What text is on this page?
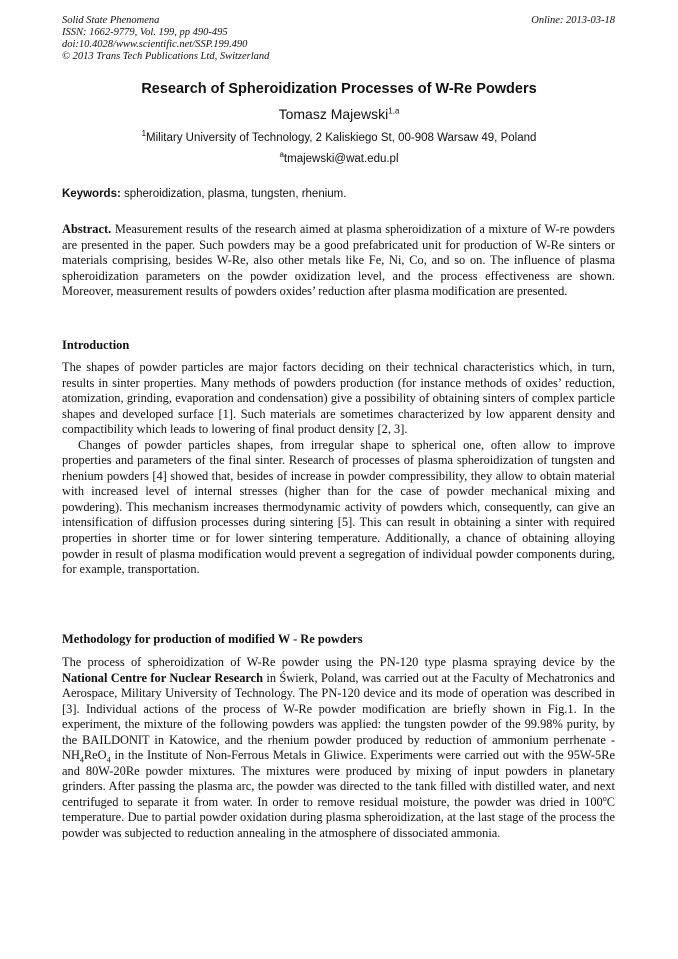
Solid State Phenomena
ISSN: 1662-9779, Vol. 199, pp 490-495
doi:10.4028/www.scientific.net/SSP.199.490
© 2013 Trans Tech Publications Ltd, Switzerland
Online: 2013-03-18
Research of Spheroidization Processes of W-Re Powders
Tomasz Majewski$^{1,a}$
$^1$Military University of Technology, 2 Kaliskiego St, 00-908 Warsaw 49, Poland
$^a$tmajewski@wat.edu.pl
Keywords: spheroidization, plasma, tungsten, rhenium.

Abstract. Measurement results of the research aimed at plasma spheroidization of a mixture of W-re powders are presented in the paper. Such powders may be a good prefabricated unit for production of W-Re sinters or materials comprising, besides W-Re, also other metals like Fe, Ni, Co, and so on. The influence of plasma spheroidization parameters on the powder oxidization level, and the process effectiveness are shown. Moreover, measurement results of powders oxides’ reduction after plasma modification are presented.

Introduction

The shapes of powder particles are major factors deciding on their technical characteristics which, in turn, results in sinter properties. Many methods of powders production (for instance methods of oxides’ reduction, atomization, grinding, evaporation and condensation) give a possibility of obtaining sinters of complex particle shapes and developed surface [1]. Such materials are sometimes characterized by low apparent density and compactibility which leads to lowering of final product density [2, 3].

Changes of powder particles shapes, from irregular shape to spherical one, often allow to improve properties and parameters of the final sinter. Research of processes of plasma spheroidization of tungsten and rhenium powders [4] showed that, besides of increase in powder compressibility, they allow to obtain material with increased level of internal stresses (higher than for the case of powder mechanical mixing and powdering). This mechanism increases thermodynamic activity of powders which, consequently, can give an intensification of diffusion processes during sintering [5]. This can result in obtaining a sinter with required properties in shorter time or for lower sintering temperature. Additionally, a chance of obtaining alloying powder in result of plasma modification would prevent a segregation of individual powder components during, for example, transportation.

Methodology for production of modified W - Re powders

The process of spheroidization of W-Re powder using the PN-120 type plasma spraying device by the National Centre for Nuclear Research in Świerk, Poland, was carried out at the Faculty of Mechatronics and Aerospace, Military University of Technology. The PN-120 device and its mode of operation was described in [3]. Individual actions of the process of W-Re powder modification are briefly shown in Fig.1. In the experiment, the mixture of the following powders was applied: the tungsten powder of the 99.98% purity, by the BAILDONIT in Katowice, and the rhenium powder produced by reduction of ammonium perrhenate - $NH_4ReO_4$ in the Institute of Non-Ferrous Metals in Gliwice. Experiments were carried out with the 95W-5Re and 80W-20Re powder mixtures. The mixtures were produced by mixing of input powders in planetary grinders. After passing the plasma arc, the powder was directed to the tank filled with distilled water, and next centrifuged to separate it from water. In order to remove residual moisture, the powder was dried in 100$^o$C temperature. Due to partial powder oxidation during plasma spheroidization, at the last stage of the process the powder was subjected to reduction annealing in the atmosphere of dissociated ammonia.
